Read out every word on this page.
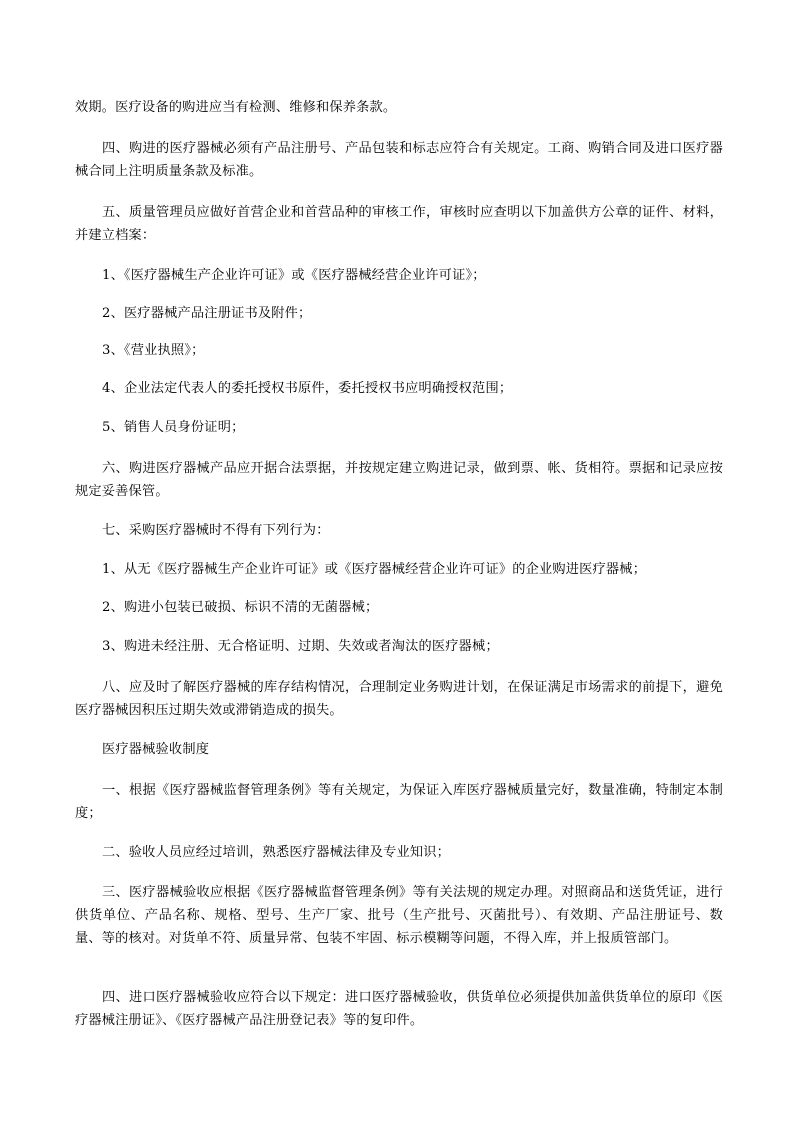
效期。医疗设备的购进应当有检测、维修和保养条款。

四、购进的医疗器械必须有产品注册号、产品包装和标志应符合有关规定。工商、购销合同及进口医疗器械合同上注明质量条款及标准。

五、质量管理员应做好首营企业和首营品种的审核工作，审核时应查明以下加盖供方公章的证件、材料，并建立档案：

1、《医疗器械生产企业许可证》或《医疗器械经营企业许可证》；

2、医疗器械产品注册证书及附件；

3、《营业执照》；

4、企业法定代表人的委托授权书原件，委托授权书应明确授权范围；

5、销售人员身份证明；

六、购进医疗器械产品应开据合法票据，并按规定建立购进记录，做到票、帐、货相符。票据和记录应按规定妥善保管。

七、采购医疗器械时不得有下列行为：

1、从无《医疗器械生产企业许可证》或《医疗器械经营企业许可证》的企业购进医疗器械；

2、购进小包装已破损、标识不清的无菌器械；

3、购进未经注册、无合格证明、过期、失效或者淘汰的医疗器械；

八、应及时了解医疗器械的库存结构情况，合理制定业务购进计划，在保证满足市场需求的前提下，避免医疗器械因积压过期失效或滞销造成的损失。

医疗器械验收制度

一、根据《医疗器械监督管理条例》等有关规定，为保证入库医疗器械质量完好，数量准确，特制定本制度；

二、验收人员应经过培训，熟悉医疗器械法律及专业知识；

三、医疗器械验收应根据《医疗器械监督管理条例》等有关法规的规定办理。对照商品和送货凭证，进行供货单位、产品名称、规格、型号、生产厂家、批号（生产批号、灭菌批号）、有效期、产品注册证号、数量、等的核对。对货单不符、质量异常、包装不牢固、标示模糊等问题，不得入库，并上报质管部门。

四、进口医疗器械验收应符合以下规定：进口医疗器械验收，供货单位必须提供加盖供货单位的原印《医疗器械注册证》、《医疗器械产品注册登记表》等的复印件。
